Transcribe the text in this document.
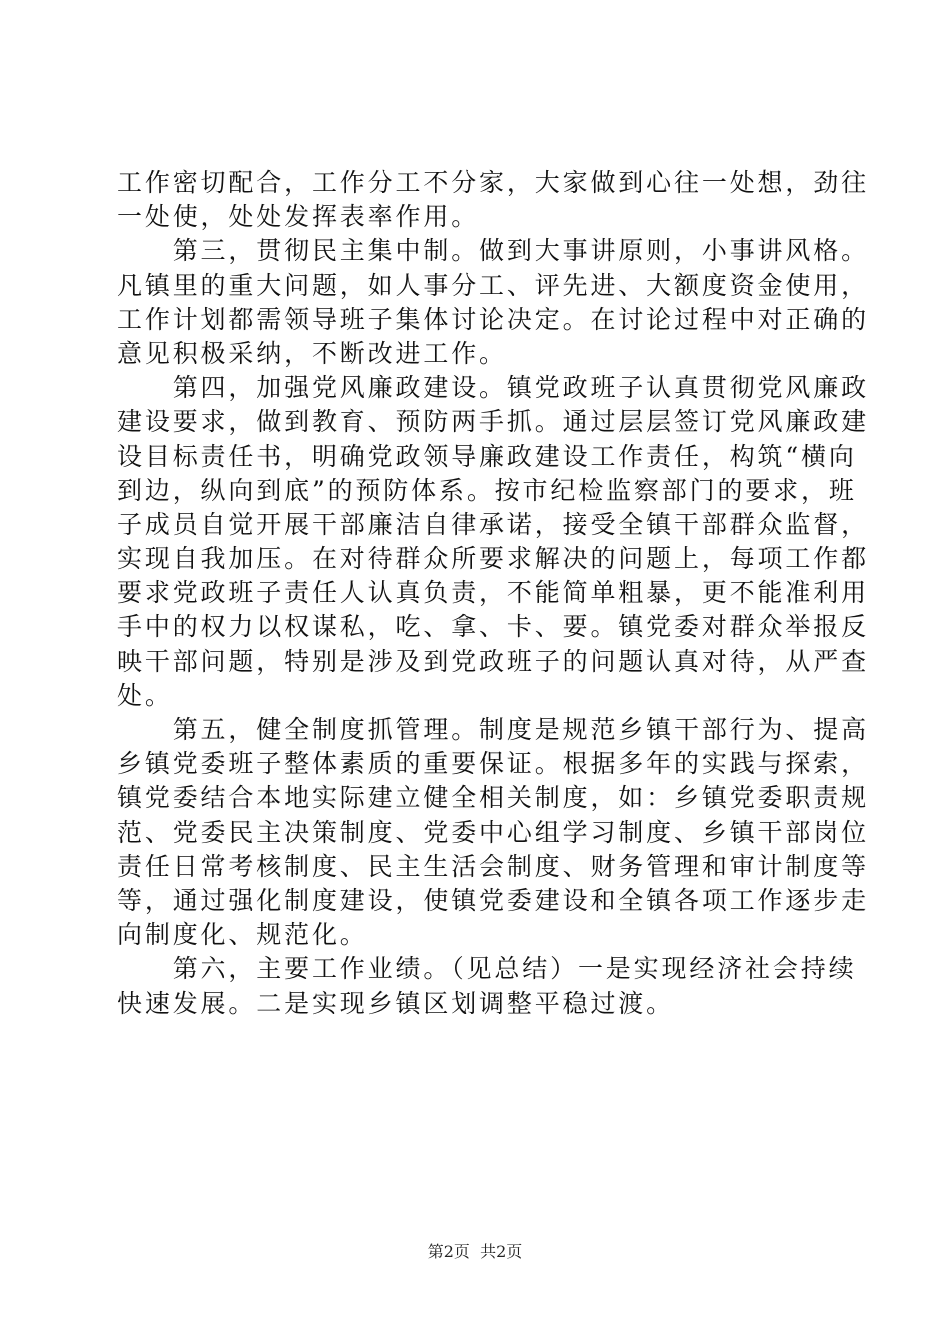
工作密切配合，工作分工不分家，大家做到心往一处想，劲往
一处使，处处发挥表率作用。
　　第三，贯彻民主集中制。做到大事讲原则，小事讲风格。
凡镇里的重大问题，如人事分工、评先进、大额度资金使用，
工作计划都需领导班子集体讨论决定。在讨论过程中对正确的
意见积极采纳，不断改进工作。
　　第四，加强党风廉政建设。镇党政班子认真贯彻党风廉政
建设要求，做到教育、预防两手抓。通过层层签订党风廉政建
设目标责任书，明确党政领导廉政建设工作责任，构筑“横向
到边，纵向到底”的预防体系。按市纪检监察部门的要求，班
子成员自觉开展干部廉洁自律承诺，接受全镇干部群众监督，
实现自我加压。在对待群众所要求解决的问题上，每项工作都
要求党政班子责任人认真负责，不能简单粗暴，更不能准利用
手中的权力以权谋私，吃、拿、卡、要。镇党委对群众举报反
映干部问题，特别是涉及到党政班子的问题认真对待，从严查
处。
　　第五，健全制度抓管理。制度是规范乡镇干部行为、提高
乡镇党委班子整体素质的重要保证。根据多年的实践与探索，
镇党委结合本地实际建立健全相关制度，如：乡镇党委职责规
范、党委民主决策制度、党委中心组学习制度、乡镇干部岗位
责任日常考核制度、民主生活会制度、财务管理和审计制度等
等，通过强化制度建设，使镇党委建设和全镇各项工作逐步走
向制度化、规范化。
　　第六，主要工作业绩。（见总结）一是实现经济社会持续
快速发展。二是实现乡镇区划调整平稳过渡。
第2页  共2页
